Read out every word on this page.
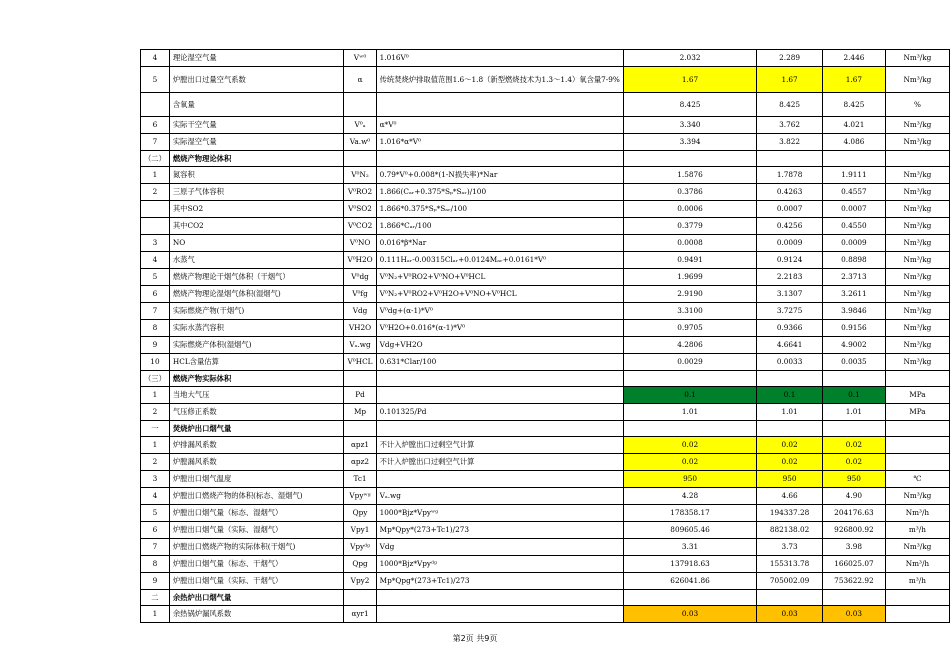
4	理论湿空气量	Vʷ⁰	1.016V⁰	2.032	2.289	2.446	Nm³/kg
5	炉膛出口过量空气系数	α	传统焚烧炉排取值范围1.6～1.8（新型燃烧技术为1.3～1.4）氧含量7-9%	1.67	1.67	1.67	Nm³/kg
	含氧量			8.425	8.425	8.425	%
6	实际干空气量	V⁰ₐ	α*V⁰	3.340	3.762	4.021	Nm³/kg
7	实际湿空气量	Va.w⁰	1.016*α*V⁰	3.394	3.822	4.086	Nm³/kg
（二）	燃烧产物理论体积						
1	氮容积	V⁰N₂	0.79*V⁰+0.008*(1-N损失率)*Nar	1.5876	1.7878	1.9111	Nm³/kg
2	三原子气体容积	V⁰RO2	1.866(Cₐᵣ+0.375*Sₚ*Sₐᵣ)/100	0.3786	0.4263	0.4557	Nm³/kg
	其中SO2	V⁰SO2	1.866*0.375*Sₚ*Sₐᵣ/100	0.0006	0.0007	0.0007	Nm³/kg
	其中CO2	V⁰CO2	1.866*Cₐᵣ/100	0.3779	0.4256	0.4550	Nm³/kg
3	NO	V⁰NO	0.016*β*Nar	0.0008	0.0009	0.0009	Nm³/kg
4	水蒸气	V⁰H2O	0.111Hₐᵣ-0.00315Clₐᵣ+0.0124Mₐᵣ+0.0161*V⁰	0.9491	0.9124	0.8898	Nm³/kg
5	燃烧产物理论干烟气体积（干烟气）	V⁰dg	V⁰N₂+V⁰RO2+V⁰NO+V⁰HCL	1.9699	2.2183	2.3713	Nm³/kg
6	燃烧产物理论湿烟气体积(湿烟气)	V⁰fg	V⁰N₂+V⁰RO2+V⁰H2O+V⁰NO+V⁰HCL	2.9190	3.1307	3.2611	Nm³/kg
7	实际燃烧产物(干烟气)	Vdg	V⁰dg+(α-1)*V⁰	3.3100	3.7275	3.9846	Nm³/kg
8	实际水蒸汽容积	VH2O	V⁰H2O+0.016*(α-1)*V⁰	0.9705	0.9366	0.9156	Nm³/kg
9	实际燃烧产体积(湿烟气)	Vₐ.wg	Vdg+VH2O	4.2806	4.6641	4.9002	Nm³/kg
10	HCL含量估算	V⁰HCL	0.631*Clar/100	0.0029	0.0033	0.0035	Nm³/kg
（三）	燃烧产物实际体积						
1	当地大气压	Pd		0.1	0.1	0.1	MPa
2	气压修正系数	Mp	0.101325/Pd	1.01	1.01	1.01	MPa
一	焚烧炉出口烟气量						
1	炉排漏风系数	αpz1	不计入炉膛出口过剩空气计算	0.02	0.02	0.02	
2	炉膛漏风系数	αpz2	不计入炉膛出口过剩空气计算	0.02	0.02	0.02	
3	炉膛出口烟气温度	Tc1		950	950	950	℃
4	炉膛出口燃烧产物的体积(标态、湿烟气)	Vpyʷᵍ	Vₐ.wg	4.28	4.66	4.90	Nm³/kg
5	炉膛出口烟气量（标态、湿烟气）	Qpy	1000*Bjz*Vpyʷᵍ	178358.17	194337.28	204176.63	Nm³/h
6	炉膛出口烟气量（实际、湿烟气）	Vpy1	Mp*Qpy*(273+Tc1)/273	809605.46	882138.02	926800.92	m³/h
7	炉膛出口燃烧产物的实际体积(干烟气)	Vpyᵈᵍ	Vdg	3.31	3.73	3.98	Nm³/kg
8	炉膛出口烟气量（标态、干烟气）	Qpg	1000*Bjz*Vpyᵈᵍ	137918.63	155313.78	166025.07	Nm³/h
9	炉膛出口烟气量（实际、干烟气）	Vpy2	Mp*Qpg*(273+Tc1)/273	626041.86	705002.09	753622.92	m³/h
二	余热炉出口烟气量						
1	余热锅炉漏风系数	αyr1		0.03	0.03	0.03	
第2页 共9页
